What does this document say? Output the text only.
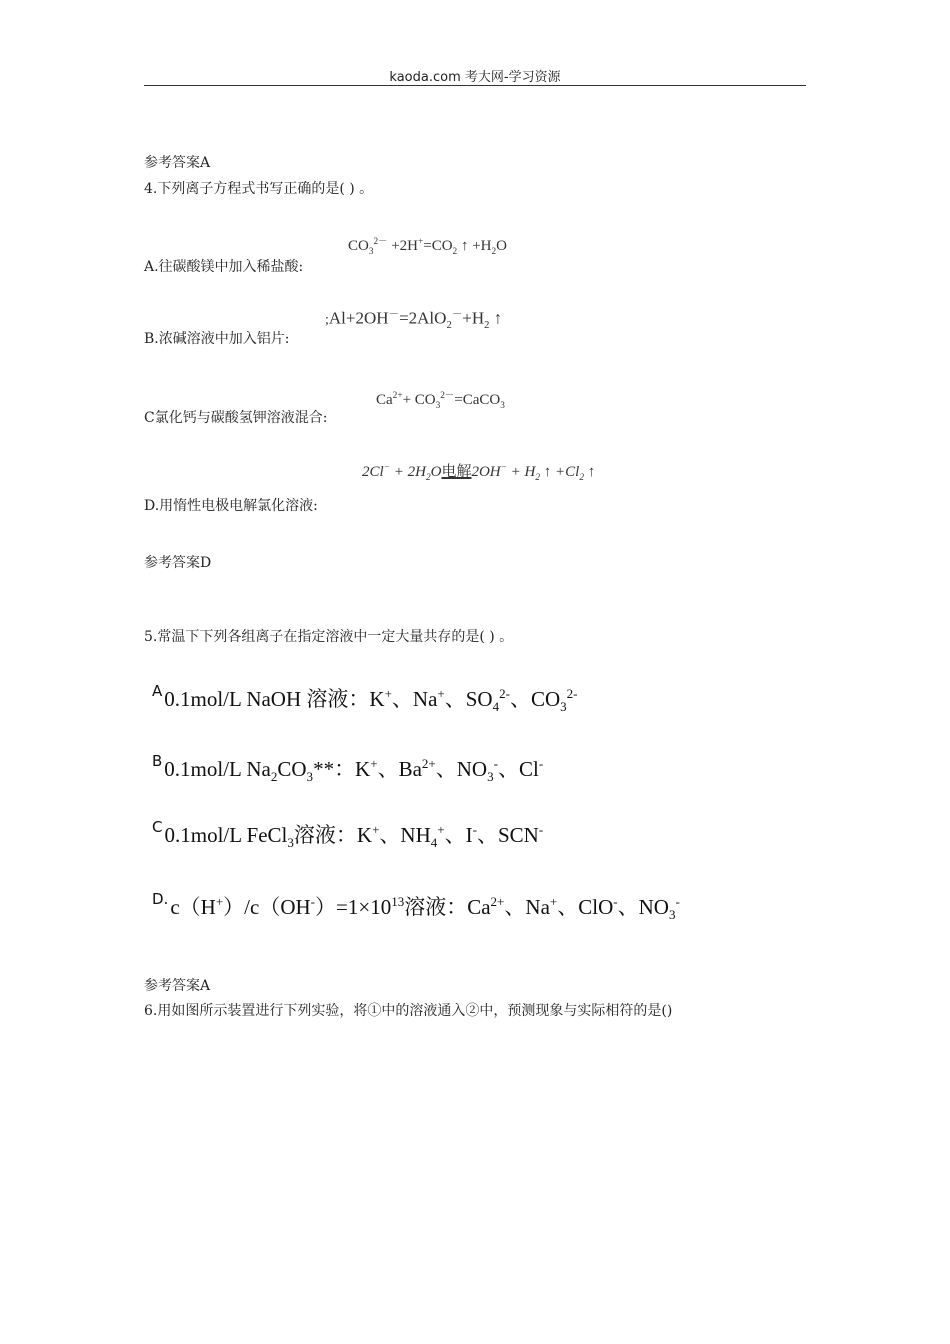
kaoda.com 考大网-学习资源
参考答案A
4.下列离子方程式书写正确的是( ) 。
$CO_3^{2-} +2H^+=CO_2$ ↑ $+H_2O$
A.往碳酸镁中加入稀盐酸:
$;Al+2OH^-=2AlO_2^-+H_2$ ↑
B.浓碱溶液中加入铝片:
$Ca^{2+}+$ $CO_3^{2-}=CaCO_3$
C氯化钙与碳酸氢钾溶液混合:
$2Cl^- + 2H_2O$电解$2OH^- + H_2$ ↑ $+Cl_2$ ↑
D.用惰性电极电解氯化溶液:
参考答案D
5.常温下下列各组离子在指定溶液中一定大量共存的是( ) 。
$^A$0.1mol/L NaOH 溶液：K+、Na+、$SO_4^{2-}$、$CO_3^{2-}$
$^B$0.1mol/L $Na_2CO_3**$：K+、$Ba^{2+}$、$NO_3^-$、Cl-
$^C$0.1mol/L FeCl$_3$溶液：K+、$NH_4^+$、I-、SCN-
$^{D.}c(H^+)/c(OH^-)=1\times 10^{13}$溶液：$Ca^{2+}$、Na+、ClO-、$NO_3^-$
参考答案A
6.用如图所示装置进行下列实验，将①中的溶液通入②中，预测现象与实际相符的是()
